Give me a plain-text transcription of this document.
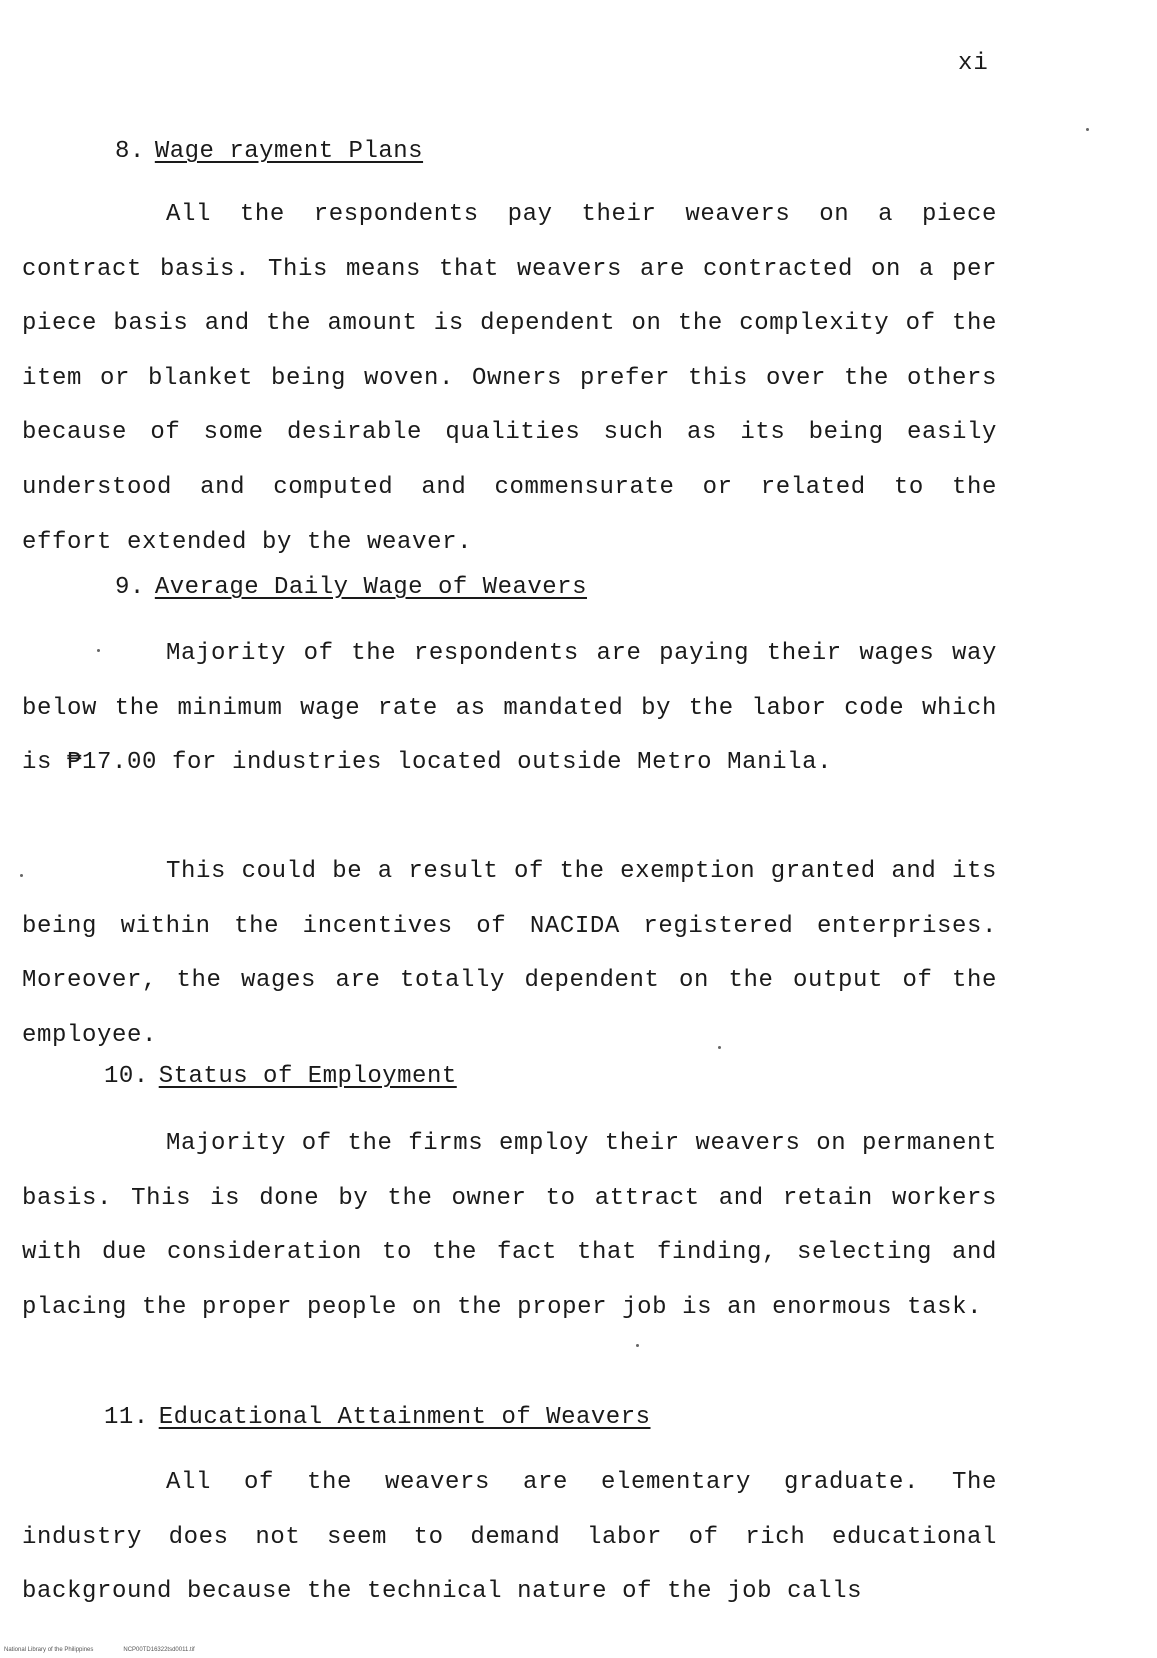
xi
8. Wage rayment Plans

All the respondents pay their weavers on a piece contract basis. This means that weavers are contracted on a per piece basis and the amount is dependent on the complexity of the item or blanket being woven. Owners prefer this over the others because of some desirable qualities such as its being easily understood and computed and commensurate or related to the effort extended by the weaver.

9. Average Daily Wage of Weavers

Majority of the respondents are paying their wages way below the minimum wage rate as mandated by the labor code which is ₱17.00 for industries located outside Metro Manila.

This could be a result of the exemption granted and its being within the incentives of NACIDA registered enterprises. Moreover, the wages are totally dependent on the output of the employee.

10. Status of Employment

Majority of the firms employ their weavers on permanent basis. This is done by the owner to attract and retain workers with due consideration to the fact that finding, selecting and placing the proper people on the proper job is an enormous task.

11. Educational Attainment of Weavers

All of the weavers are elementary graduate. The industry does not seem to demand labor of rich educational background because the technical nature of the job calls

National Library of the Philippines	NCP00TD16322tsd0011.tif
